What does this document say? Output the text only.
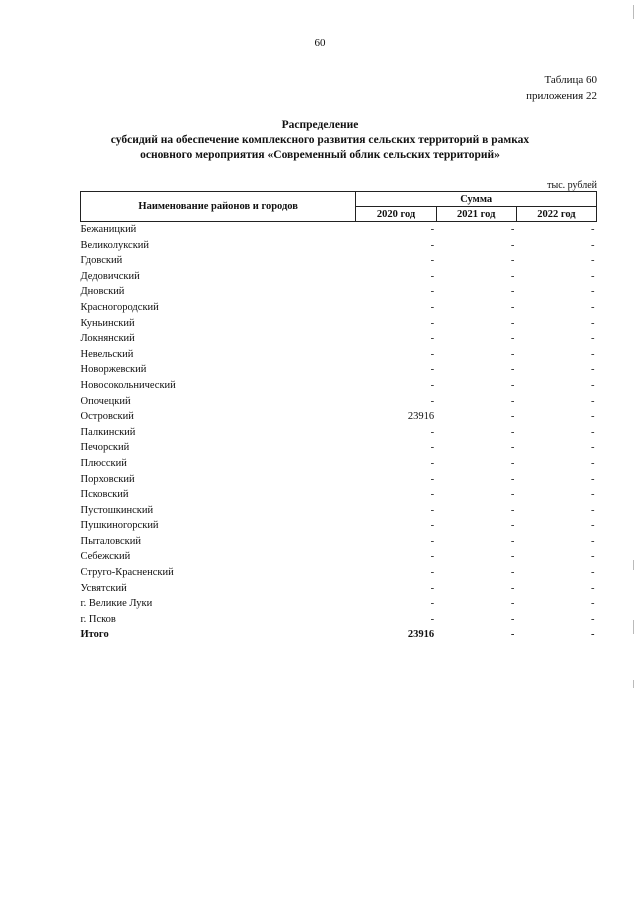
60
Таблица 60
приложения 22
Распределение
субсидий на обеспечение комплексного развития сельских территорий в рамках
основного мероприятия «Современный облик сельских территорий»
тыс. рублей
Наименование районов и городов	Сумма		
	2020 год	2021 год	2022 год
Бежаницкий	-	-	-
Великолукский	-	-	-
Гдовский	-	-	-
Дедовичский	-	-	-
Дновский	-	-	-
Красногородский	-	-	-
Куньинский	-	-	-
Локнянский	-	-	-
Невельский	-	-	-
Новоржевский	-	-	-
Новосокольнический	-	-	-
Опочецкий	-	-	-
Островский	23916	-	-
Палкинский	-	-	-
Печорский	-	-	-
Плюсский	-	-	-
Порховский	-	-	-
Псковский	-	-	-
Пустошкинский	-	-	-
Пушкиногорский	-	-	-
Пыталовский	-	-	-
Себежский	-	-	-
Струго-Красненский	-	-	-
Усвятский	-	-	-
г. Великие Луки	-	-	-
г. Псков	-	-	-
Итого	23916	-	-
